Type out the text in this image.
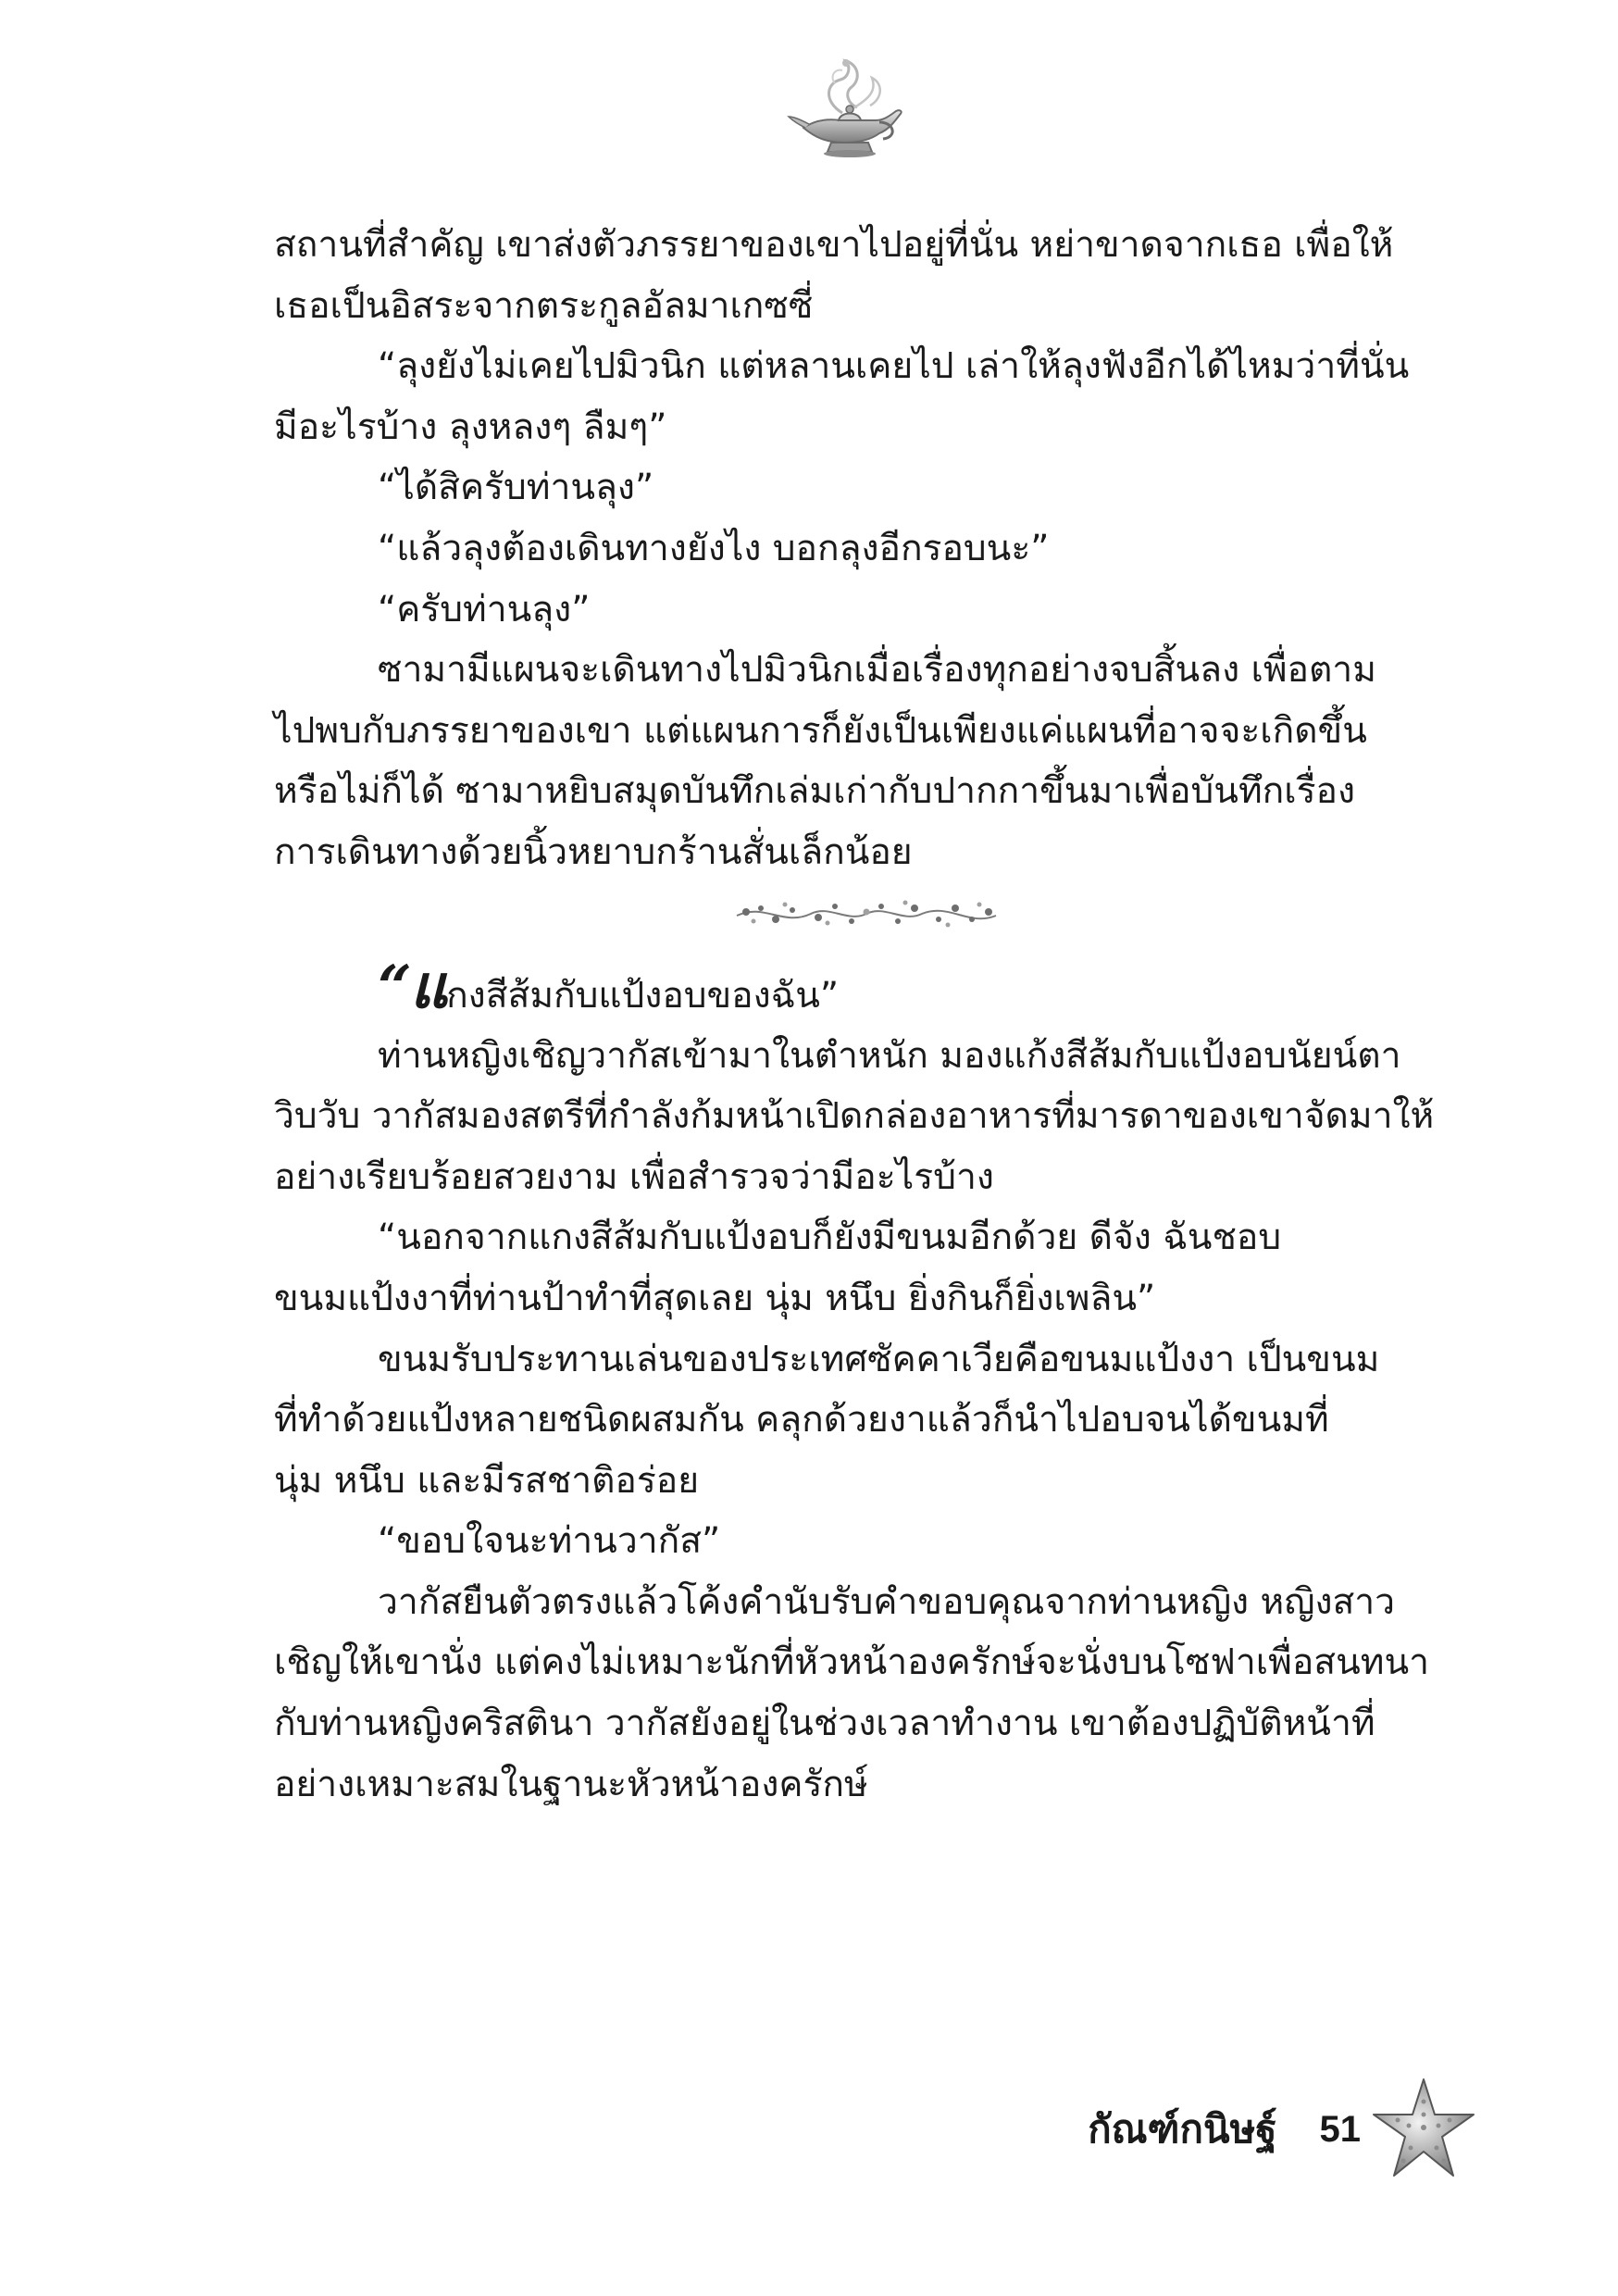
สถานที่สำคัญ เขาส่งตัวภรรยาของเขาไปอยู่ที่นั่น หย่าขาดจากเธอ เพื่อให้
เธอเป็นอิสระจากตระกูลอัลมาเกซซี่
“ลุงยังไม่เคยไปมิวนิก แต่หลานเคยไป เล่าให้ลุงฟังอีกได้ไหมว่าที่นั่น
มีอะไรบ้าง ลุงหลงๆ ลืมๆ”
“ได้สิครับท่านลุง”
“แล้วลุงต้องเดินทางยังไง บอกลุงอีกรอบนะ”
“ครับท่านลุง”
ซามามีแผนจะเดินทางไปมิวนิกเมื่อเรื่องทุกอย่างจบสิ้นลง เพื่อตาม
ไปพบกับภรรยาของเขา แต่แผนการก็ยังเป็นเพียงแค่แผนที่อาจจะเกิดขึ้น
หรือไม่ก็ได้ ซามาหยิบสมุดบันทึกเล่มเก่ากับปากกาขึ้นมาเพื่อบันทึกเรื่อง
การเดินทางด้วยนิ้วหยาบกร้านสั่นเล็กน้อย
“แกงสีส้มกับแป้งอบของฉัน”
ท่านหญิงเชิญวากัสเข้ามาในตำหนัก มองแก้งสีส้มกับแป้งอบนัยน์ตา
วิบวับ วากัสมองสตรีที่กำลังก้มหน้าเปิดกล่องอาหารที่มารดาของเขาจัดมาให้
อย่างเรียบร้อยสวยงาม เพื่อสำรวจว่ามีอะไรบ้าง
“นอกจากแกงสีส้มกับแป้งอบก็ยังมีขนมอีกด้วย ดีจัง ฉันชอบ
ขนมแป้งงาที่ท่านป้าทำที่สุดเลย นุ่ม หนึบ ยิ่งกินก็ยิ่งเพลิน”
ขนมรับประทานเล่นของประเทศซัคคาเวียคือขนมแป้งงา เป็นขนม
ที่ทำด้วยแป้งหลายชนิดผสมกัน คลุกด้วยงาแล้วก็นำไปอบจนได้ขนมที่
นุ่ม หนึบ และมีรสชาติอร่อย
“ขอบใจนะท่านวากัส”
วากัสยืนตัวตรงแล้วโค้งคำนับรับคำขอบคุณจากท่านหญิง หญิงสาว
เชิญให้เขานั่ง แต่คงไม่เหมาะนักที่หัวหน้าองครักษ์จะนั่งบนโซฟาเพื่อสนทนา
กับท่านหญิงคริสตินา วากัสยังอยู่ในช่วงเวลาทำงาน เขาต้องปฏิบัติหน้าที่
อย่างเหมาะสมในฐานะหัวหน้าองครักษ์
กัณฑ์กนิษฐ์ 51
